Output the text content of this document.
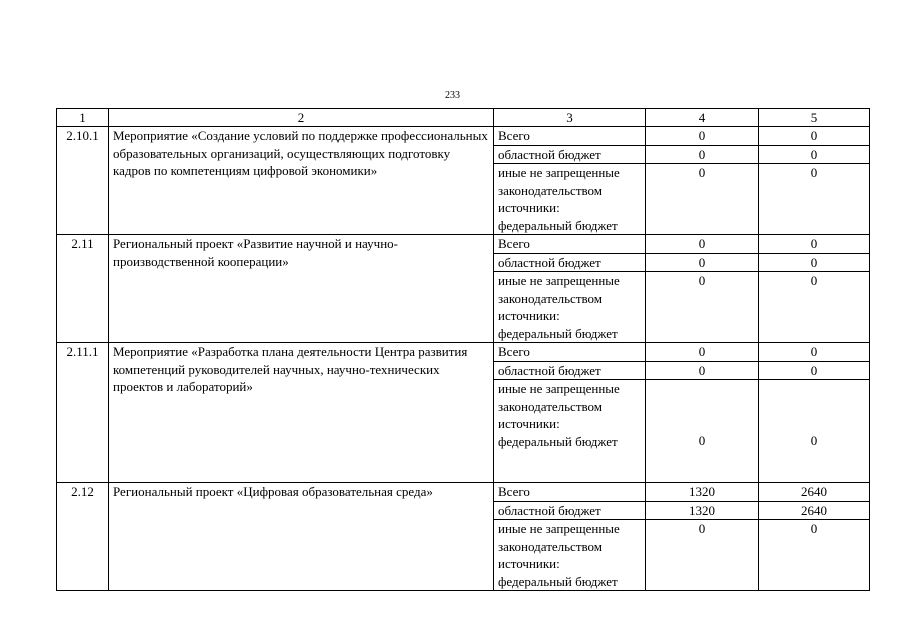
233
1	2	3	4	5
2.10.1	Мероприятие «Создание условий по поддержке профессиональных образовательных организаций, осуществляющих подготовку кадров по компетенциям цифровой экономики»	Всего	0	0
		областной бюджет	0	0
		иные не запрещенные законодательством источники:
федеральный бюджет	0	0
2.11	Региональный проект «Развитие научной и научно-производственной кооперации»	Всего	0	0
		областной бюджет	0	0
		иные не запрещенные законодательством источники:
федеральный бюджет	0	0
2.11.1	Мероприятие «Разработка плана деятельности Центра развития компетенций руководителей научных, научно-технических проектов и лабораторий»	Всего	0	0
		областной бюджет	0	0
		иные не запрещенные законодательством источники:
федеральный бюджет	0	0
2.12	Региональный проект «Цифровая образовательная среда»	Всего	1320	2640
		областной бюджет	1320	2640
		иные не запрещенные законодательством источники:
федеральный бюджет	0	0
